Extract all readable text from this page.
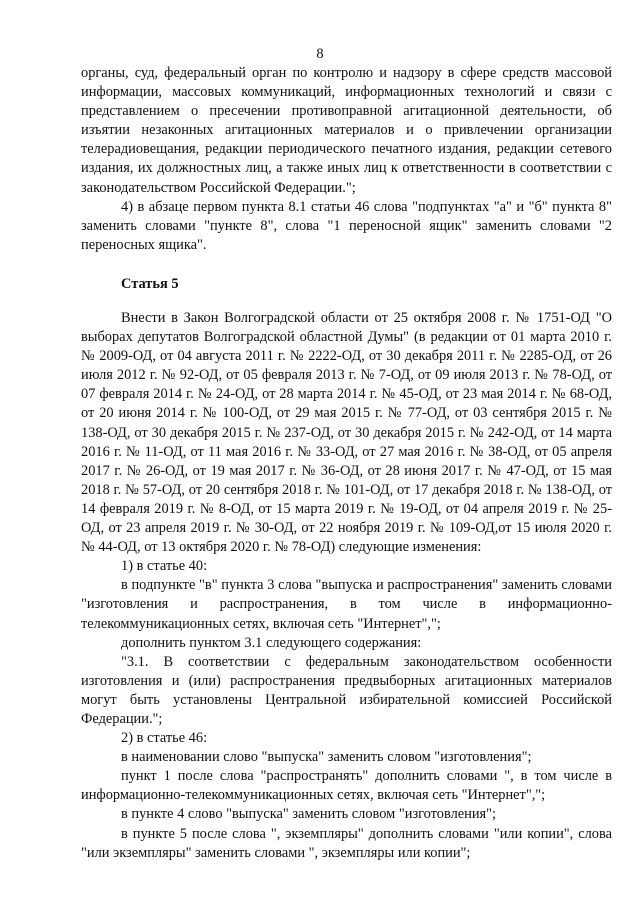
8

органы, суд, федеральный орган по контролю и надзору в сфере средств массовой информации, массовых коммуникаций, информационных технологий и связи с представлением о пресечении противоправной агитационной деятельности, об изъятии незаконных агитационных материалов и о привлечении организации телерадиовещания, редакции периодического печатного издания, редакции сетевого издания, их должностных лиц, а также иных лиц к ответственности в соответствии с законодательством Российской Федерации.";

4) в абзаце первом пункта 8.1 статьи 46 слова "подпунктах "а" и "б" пункта 8" заменить словами "пункте 8", слова "1 переносной ящик" заменить словами "2 переносных ящика".

Статья 5

Внести в Закон Волгоградской области от 25 октября 2008 г. № 1751-ОД "О выборах депутатов Волгоградской областной Думы" (в редакции от 01 марта 2010 г. № 2009-ОД, от 04 августа 2011 г. № 2222-ОД, от 30 декабря 2011 г. № 2285-ОД, от 26 июля 2012 г. № 92-ОД, от 05 февраля 2013 г. № 7-ОД, от 09 июля 2013 г. № 78-ОД, от 07 февраля 2014 г. № 24-ОД, от 28 марта 2014 г. № 45-ОД, от 23 мая 2014 г. № 68-ОД, от 20 июня 2014 г. № 100-ОД, от 29 мая 2015 г. № 77-ОД, от 03 сентября 2015 г. № 138-ОД, от 30 декабря 2015 г. № 237-ОД, от 30 декабря 2015 г. № 242-ОД, от 14 марта 2016 г. № 11-ОД, от 11 мая 2016 г. № 33-ОД, от 27 мая 2016 г. № 38-ОД, от 05 апреля 2017 г. № 26-ОД, от 19 мая 2017 г. № 36-ОД, от 28 июня 2017 г. № 47-ОД, от 15 мая 2018 г. № 57-ОД, от 20 сентября 2018 г. № 101-ОД, от 17 декабря 2018 г. № 138-ОД, от 14 февраля 2019 г. № 8-ОД, от 15 марта 2019 г. № 19-ОД, от 04 апреля 2019 г. № 25-ОД, от 23 апреля 2019 г. № 30-ОД, от 22 ноября 2019 г. № 109-ОД,от 15 июля 2020 г. № 44-ОД, от 13 октября 2020 г. № 78-ОД) следующие изменения:

1) в статье 40:

в подпункте "в" пункта 3 слова "выпуска и распространения" заменить словами "изготовления и распространения, в том числе в информационно-телекоммуникационных сетях, включая сеть "Интернет",";

дополнить пунктом 3.1 следующего содержания:

"3.1. В соответствии с федеральным законодательством особенности изготовления и (или) распространения предвыборных агитационных материалов могут быть установлены Центральной избирательной комиссией Российской Федерации.";

2) в статье 46:

в наименовании слово "выпуска" заменить словом "изготовления";

пункт 1 после слова "распространять" дополнить словами ", в том числе в информационно-телекоммуникационных сетях, включая сеть "Интернет",";

в пункте 4 слово "выпуска" заменить словом "изготовления";

в пункте 5 после слова ", экземпляры" дополнить словами "или копии", слова "или экземпляры" заменить словами ", экземпляры или копии";
